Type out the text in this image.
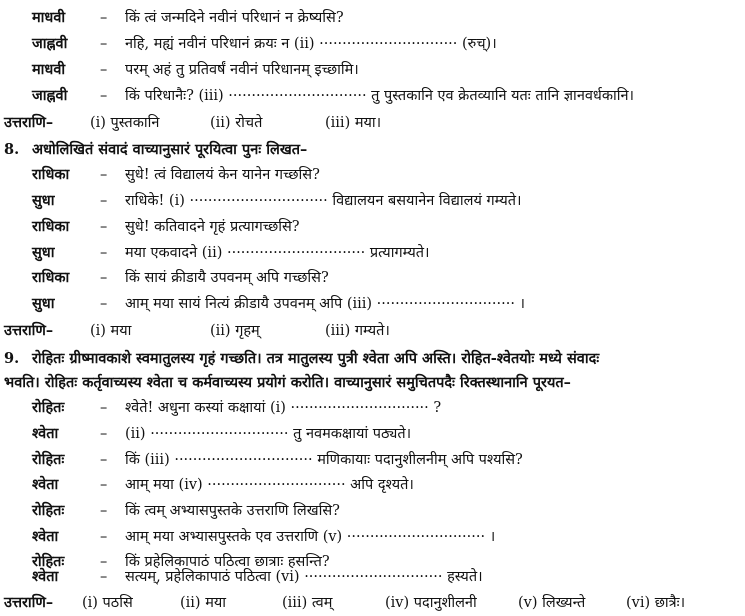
माधवी – किं त्वं जन्मदिने नवीनं परिधानं न क्रेष्यसि?
जाह्नवी – नहि, मह्यं नवीनं परिधानं क्रयः न (ii) ······························ (रुच्)।
माधवी – परम् अहं तु प्रतिवर्षं नवीनं परिधानम् इच्छामि।
जाह्नवी – किं परिधानैः? (iii) ······························ तु पुस्तकानि एव क्रेतव्यानि यतः तानि ज्ञानवर्धकानि।
उत्तराणि–	(i) पुस्तकानि	(ii) रोचते	(iii) मया।
8. अधोलिखितं संवादं वाच्यानुसारं पूरयित्वा पुनः लिखत–
राधिका – सुधे! त्वं विद्यालयं केन यानेन गच्छसि?
सुधा	– राधिके! (i) ······························ विद्यालयन बसयानेन विद्यालयं गम्यते।
राधिका – सुधे! कतिवादने गृहं प्रत्यागच्छसि?
सुधा	– मया एकवादने (ii) ······························ प्रत्यागम्यते।
राधिका – किं सायं क्रीडायै उपवनम् अपि गच्छसि?
सुधा	– आम्‌ मया सायं नित्यं क्रीडायै उपवनम् अपि (iii) ······························ ।
उत्तराणि–	(i) मया	(ii) गृहम्	(iii) गम्यते।
9. रोहितः ग्रीष्मावकाशे स्वमातुलस्य गृहं गच्छति। तत्र मातुलस्य पुत्री श्वेता अपि अस्ति। रोहित-श्वेतयोः मध्ये संवादः
भवति। रोहितः कर्तृवाच्यस्य श्वेता च कर्मवाच्यस्य प्रयोगं करोति। वाच्यानुसारं समुचितपदैः रिक्तस्थानानि पूरयत–
रोहितः – श्वेते! अधुना कस्यां कक्षायां (i) ······························ ?
श्वेता	– (ii) ······························ तु नवमकक्षायां पठ्यते।
रोहितः – किं (iii) ······························ मणिकायाः पदानुशीलनीम् अपि पश्यसि?
श्वेता	– आम्‌ मया (iv) ······························ अपि दृश्यते।
रोहितः – किं त्वम् अभ्यासपुस्तके उत्तराणि लिखसि?
श्वेता	– आम्‌ मया अभ्यासपुस्तके एव उत्तराणि (v) ······························ ।
रोहितः – किं प्रहेलिकापाठं पठित्वा छात्राः हसन्ति?
श्वेता	– सत्यम्, प्रहेलिकापाठं पठित्वा (vi) ······························ हस्यते।
उत्तराणि– (i) पठसि	(ii) मया	(iii) त्वम्	(iv) पदानुशीलनी	(v) लिख्यन्ते	(vi) छात्रैः।
